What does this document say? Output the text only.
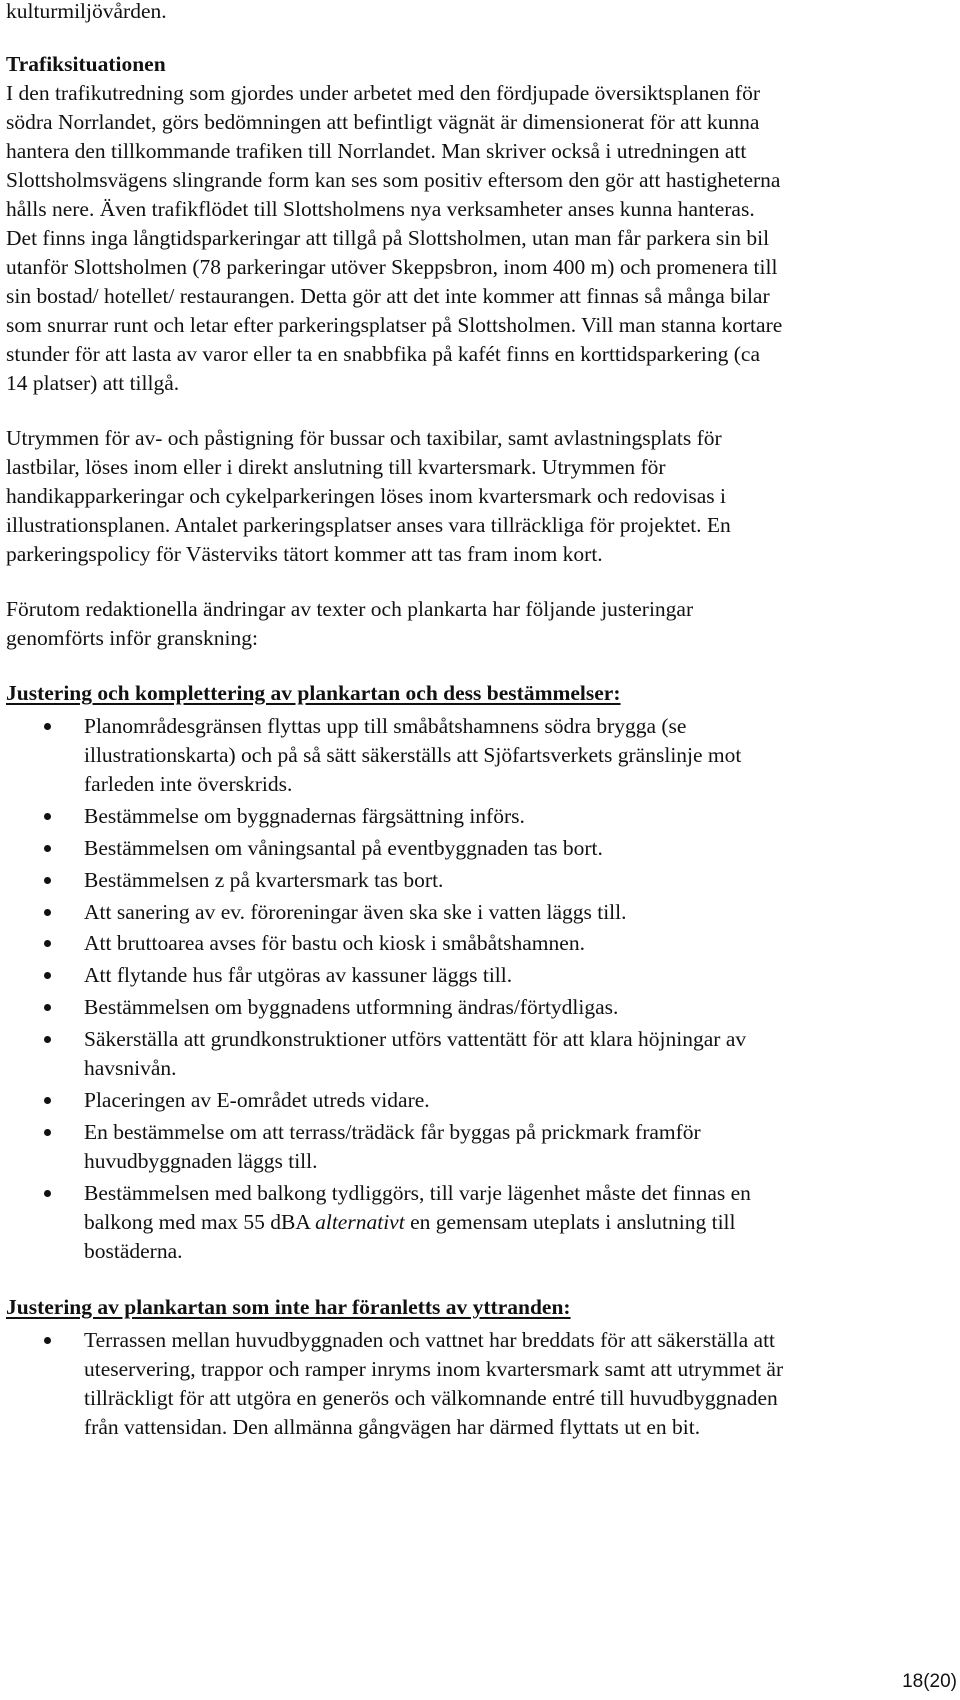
kulturmiljövården.

Trafiksituationen

I den trafikutredning som gjordes under arbetet med den fördjupade översiktsplanen för södra Norrlandet, görs bedömningen att befintligt vägnät är dimensionerat för att kunna hantera den tillkommande trafiken till Norrlandet. Man skriver också i utredningen att Slottsholmsvägens slingrande form kan ses som positiv eftersom den gör att hastigheterna hålls nere. Även trafikflödet till Slottsholmens nya verksamheter anses kunna hanteras. Det finns inga långtidsparkeringar att tillgå på Slottsholmen, utan man får parkera sin bil utanför Slottsholmen (78 parkeringar utöver Skeppsbron, inom 400 m) och promenera till sin bostad/ hotellet/ restaurangen. Detta gör att det inte kommer att finnas så många bilar som snurrar runt och letar efter parkeringsplatser på Slottsholmen. Vill man stanna kortare stunder för att lasta av varor eller ta en snabbfika på kafét finns en korttidsparkering (ca 14 platser) att tillgå.

Utrymmen för av- och påstigning för bussar och taxibilar, samt avlastningsplats för lastbilar, löses inom eller i direkt anslutning till kvartersmark. Utrymmen för handikapparkeringar och cykelparkeringen löses inom kvartersmark och redovisas i illustrationsplanen. Antalet parkeringsplatser anses vara tillräckliga för projektet. En parkeringspolicy för Västerviks tätort kommer att tas fram inom kort.

Förutom redaktionella ändringar av texter och plankarta har följande justeringar genomförts inför granskning:

Justering och komplettering av plankartan och dess bestämmelser:

Planområdesgränsen flyttas upp till småbåtshamnens södra brygga (se illustrationskarta) och på så sätt säkerställs att Sjöfartsverkets gränslinje mot farleden inte överskrids.
Bestämmelse om byggnadernas färgsättning införs.
Bestämmelsen om våningsantal på eventbyggnaden tas bort.
Bestämmelsen z på kvartersmark tas bort.
Att sanering av ev. föroreningar även ska ske i vatten läggs till.
Att bruttoarea avses för bastu och kiosk i småbåtshamnen.
Att flytande hus får utgöras av kassuner läggs till.
Bestämmelsen om byggnadens utformning ändras/förtydligas.
Säkerställa att grundkonstruktioner utförs vattentätt för att klara höjningar av havsnivån.
Placeringen av E-området utreds vidare.
En bestämmelse om att terrass/trädäck får byggas på prickmark framför huvudbyggnaden läggs till.
Bestämmelsen med balkong tydliggörs, till varje lägenhet måste det finnas en balkong med max 55 dBA alternativt en gemensam uteplats i anslutning till bostäderna.

Justering av plankartan som inte har föranletts av yttranden:

Terrassen mellan huvudbyggnaden och vattnet har breddats för att säkerställa att uteservering, trappor och ramper inryms inom kvartersmark samt att utrymmet är tillräckligt för att utgöra en generös och välkomnande entré till huvudbyggnaden från vattensidan. Den allmänna gångvägen har därmed flyttats ut en bit.
18(20)
